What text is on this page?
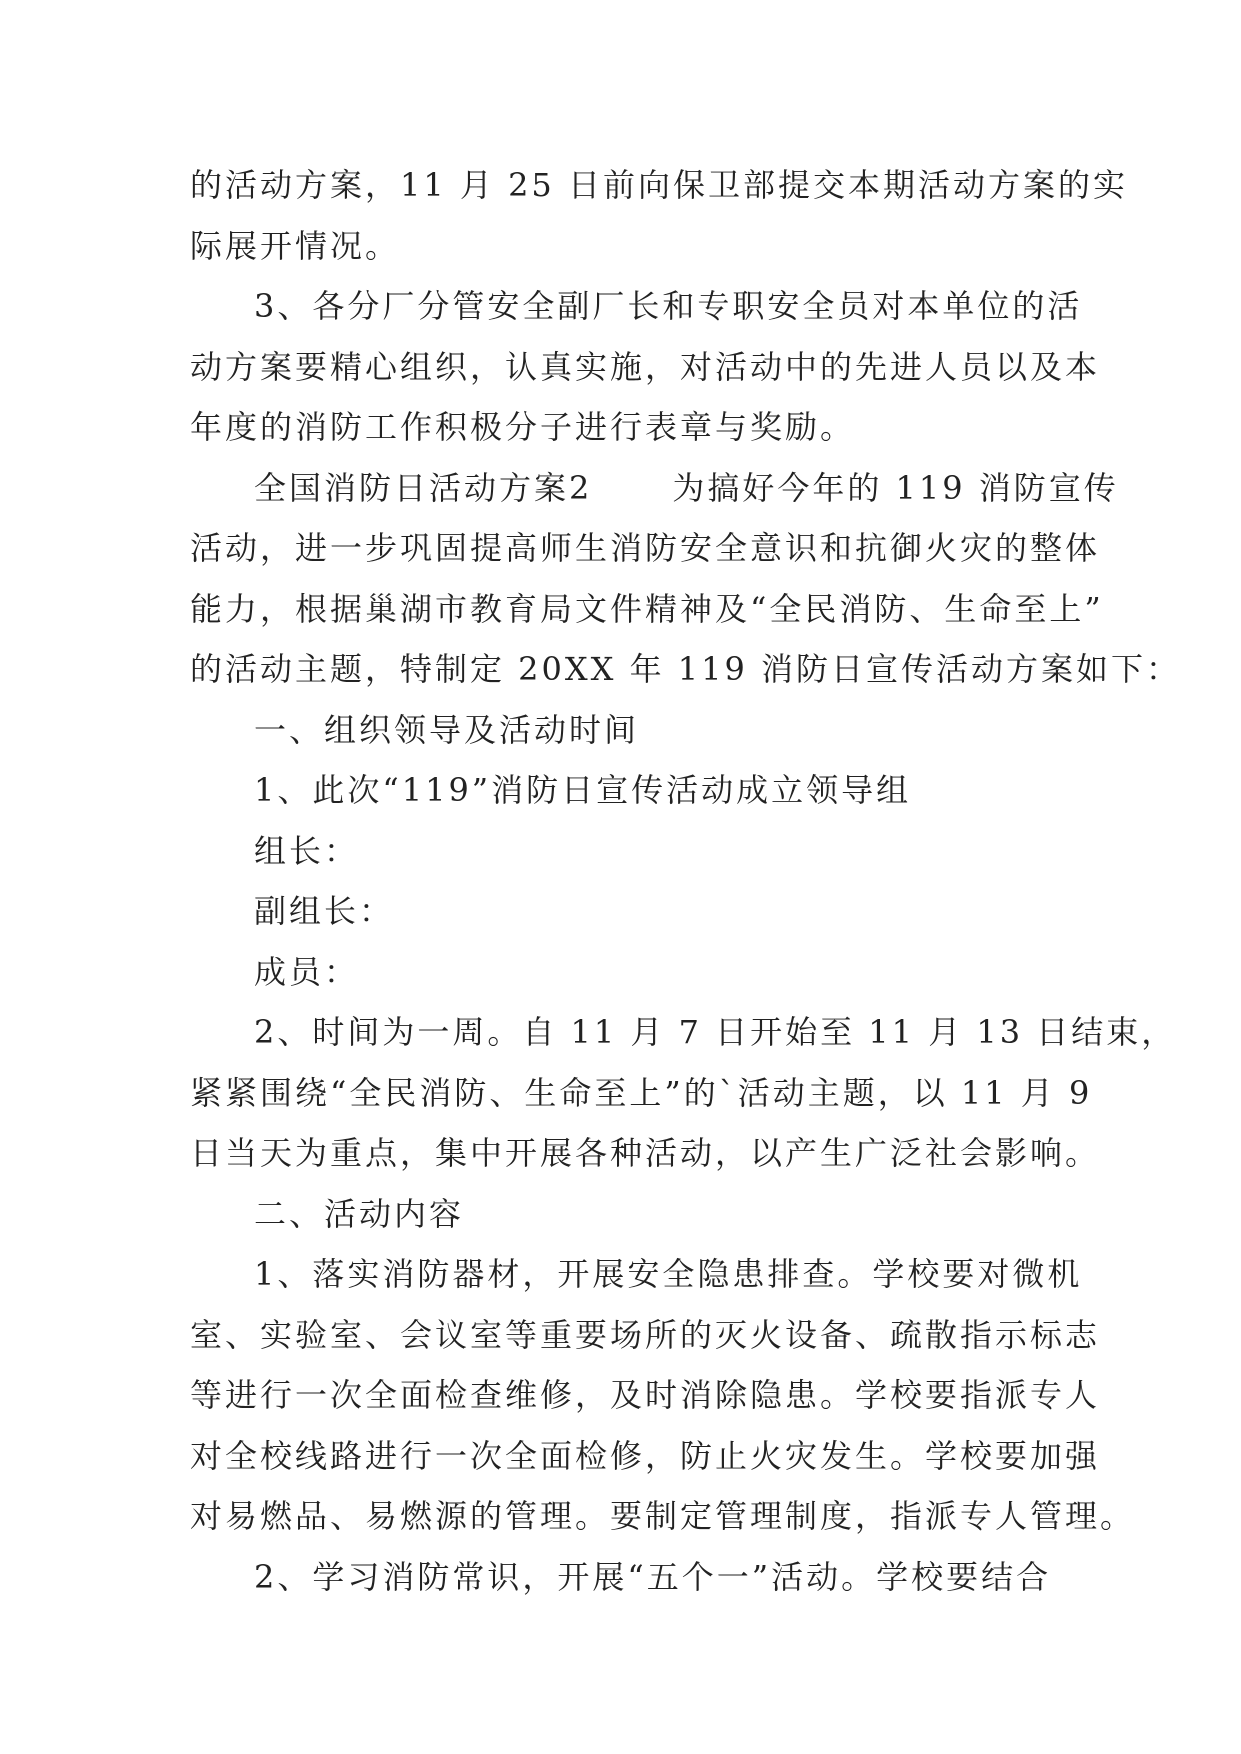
的活动方案，11 月 25 日前向保卫部提交本期活动方案的实
际展开情况。
3、各分厂分管安全副厂长和专职安全员对本单位的活
动方案要精心组织，认真实施，对活动中的先进人员以及本
年度的消防工作积极分子进行表章与奖励。
全国消防日活动方案2	为搞好今年的 119 消防宣传
活动，进一步巩固提高师生消防安全意识和抗御火灾的整体
能力，根据巢湖市教育局文件精神及“全民消防、生命至上”
的活动主题，特制定 20XX 年 119 消防日宣传活动方案如下：
一、组织领导及活动时间
1、此次“119”消防日宣传活动成立领导组
组长：
副组长：
成员：
2、时间为一周。自 11 月 7 日开始至 11 月 13 日结束，
紧紧围绕“全民消防、生命至上”的`活动主题，以 11 月 9
日当天为重点，集中开展各种活动，以产生广泛社会影响。
二、活动内容
1、落实消防器材，开展安全隐患排查。学校要对微机
室、实验室、会议室等重要场所的灭火设备、疏散指示标志
等进行一次全面检查维修，及时消除隐患。学校要指派专人
对全校线路进行一次全面检修，防止火灾发生。学校要加强
对易燃品、易燃源的管理。要制定管理制度，指派专人管理。
2、学习消防常识，开展“五个一”活动。学校要结合
